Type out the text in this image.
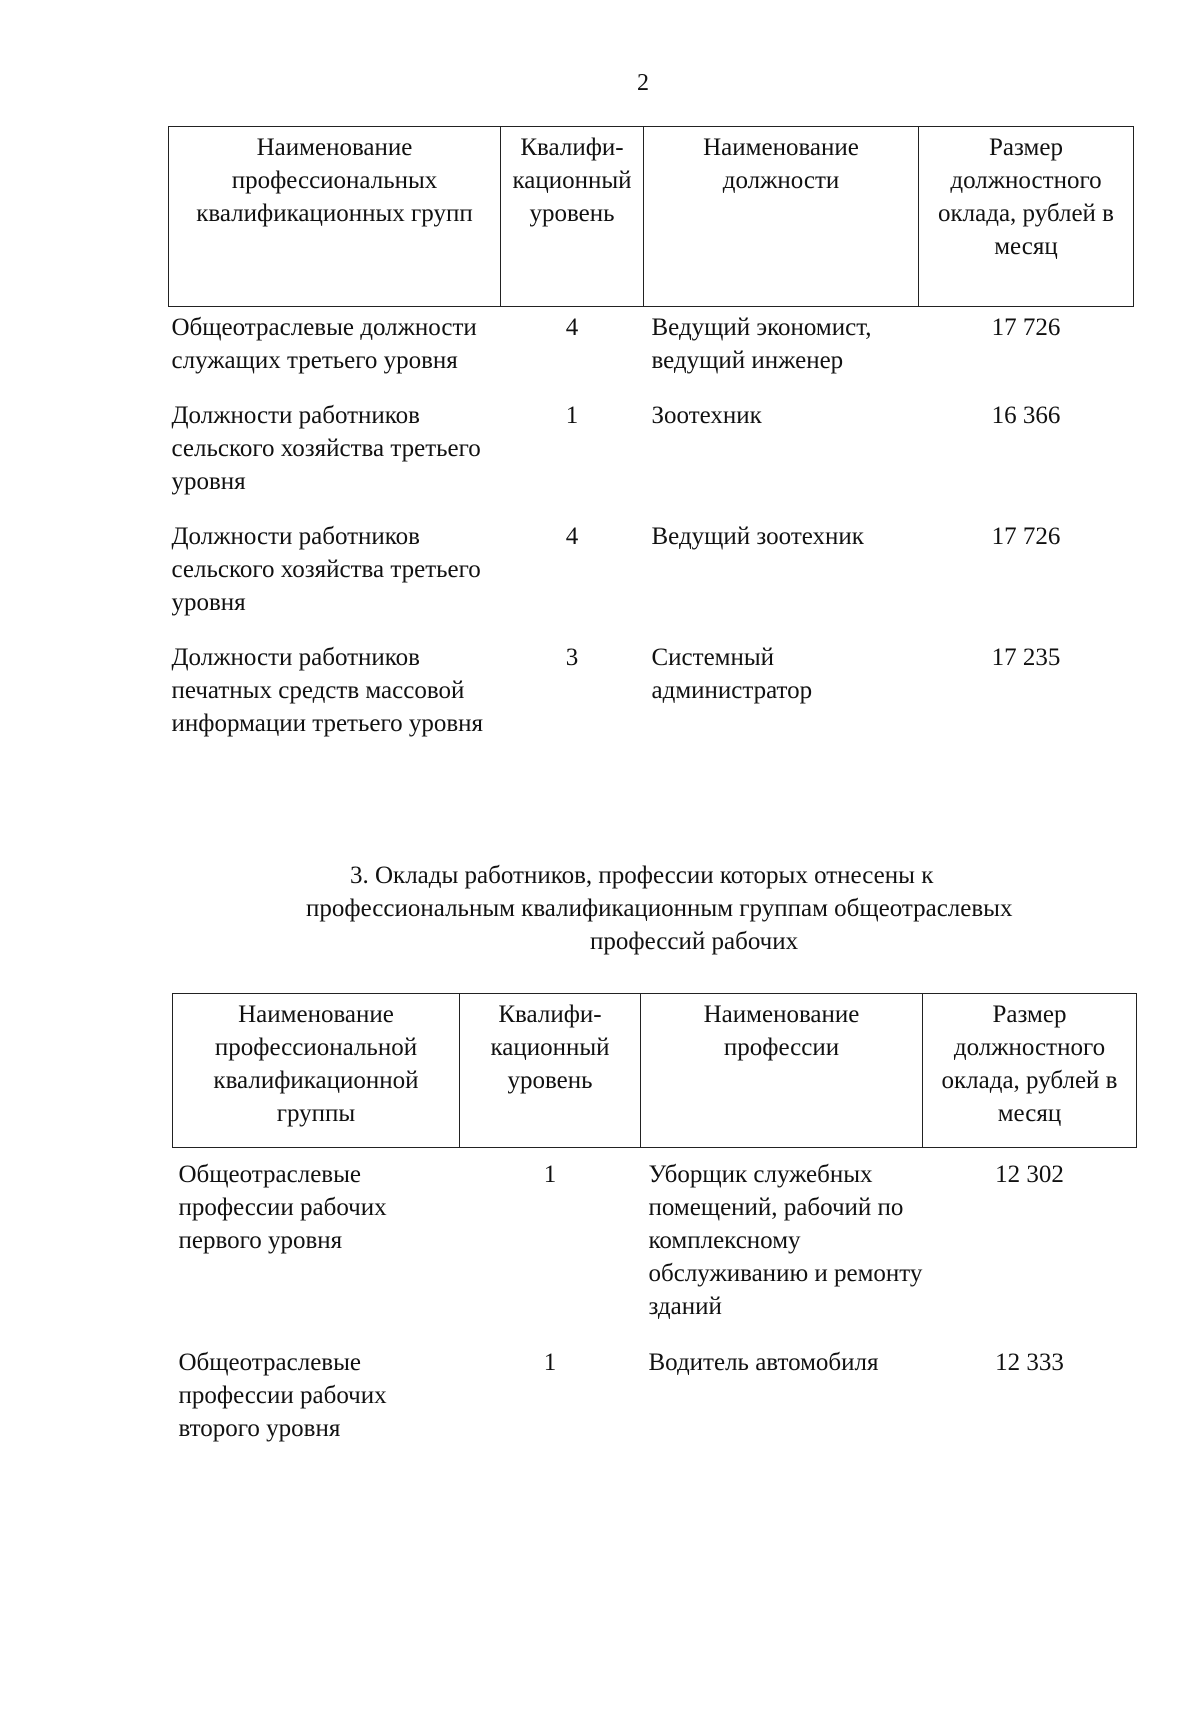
2
Наименование профессиональных квалификационных групп	Квалифи-кационный уровень	Наименование должности	Размер должностного оклада, рублей в месяц
Общеотраслевые должности служащих третьего уровня	4	Ведущий экономист, ведущий инженер	17 726
Должности работников сельского хозяйства третьего уровня	1	Зоотехник	16 366
Должности работников сельского хозяйства третьего уровня	4	Ведущий зоотехник	17 726
Должности работников печатных средств массовой информации третьего уровня	3	Системный администратор	17 235
3. Оклады работников, профессии которых отнесены к
профессиональным квалификационным группам общеотраслевых
профессий рабочих
Наименование профессиональной квалификационной группы	Квалифи-кационный уровень	Наименование профессии	Размер должностного оклада, рублей в месяц
Общеотраслевые профессии рабочих первого уровня	1	Уборщик служебных помещений, рабочий по комплексному обслуживанию и ремонту зданий	12 302
Общеотраслевые профессии рабочих второго уровня	1	Водитель автомобиля	12 333
